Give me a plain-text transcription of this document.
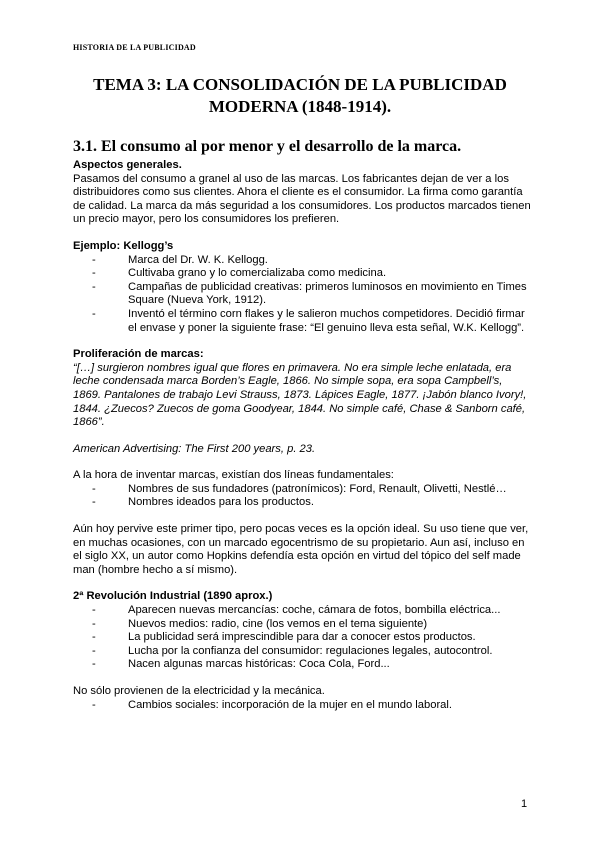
HISTORIA DE LA PUBLICIDAD
TEMA 3: LA CONSOLIDACIÓN DE LA PUBLICIDAD MODERNA (1848-1914).
3.1. El consumo al por menor y el desarrollo de la marca.

Aspectos generales.

Pasamos del consumo a granel al uso de las marcas. Los fabricantes dejan de ver a los distribuidores como sus clientes. Ahora el cliente es el consumidor. La firma como garantía de calidad. La marca da más seguridad a los consumidores. Los productos marcados tienen un precio mayor, pero los consumidores los prefieren.

Ejemplo: Kellogg’s

- Marca del Dr. W. K. Kellogg.
- Cultivaba grano y lo comercializaba como medicina.
- Campañas de publicidad creativas: primeros luminosos en movimiento en Times Square (Nueva York, 1912).
- Inventó el término corn flakes y le salieron muchos competidores. Decidió firmar el envase y poner la siguiente frase: “El genuino lleva esta señal, W.K. Kellogg”.

Proliferación de marcas:

“[…] surgieron nombres igual que flores en primavera. No era simple leche enlatada, era leche condensada marca Borden’s Eagle, 1866. No simple sopa, era sopa Campbell’s, 1869. Pantalones de trabajo Levi Strauss, 1873. Lápices Eagle, 1877. ¡Jabón blanco Ivory!, 1844. ¿Zuecos? Zuecos de goma Goodyear, 1844. No simple café, Chase & Sanborn café, 1866”.

American Advertising: The First 200 years, p. 23.

A la hora de inventar marcas, existían dos líneas fundamentales:

- Nombres de sus fundadores (patronímicos): Ford, Renault, Olivetti, Nestlé…
- Nombres ideados para los productos.

Aún hoy pervive este primer tipo, pero pocas veces es la opción ideal. Su uso tiene que ver, en muchas ocasiones, con un marcado egocentrismo de su propietario. Aun así, incluso en el siglo XX, un autor como Hopkins defendía esta opción en virtud del tópico del self made man (hombre hecho a sí mismo).

2ª Revolución Industrial (1890 aprox.)

- Aparecen nuevas mercancías: coche, cámara de fotos, bombilla eléctrica...
- Nuevos medios: radio, cine (los vemos en el tema siguiente)
- La publicidad será imprescindible para dar a conocer estos productos.
- Lucha por la confianza del consumidor: regulaciones legales, autocontrol.
- Nacen algunas marcas históricas: Coca Cola, Ford...

No sólo provienen de la electricidad y la mecánica.

- Cambios sociales: incorporación de la mujer en el mundo laboral.
1
